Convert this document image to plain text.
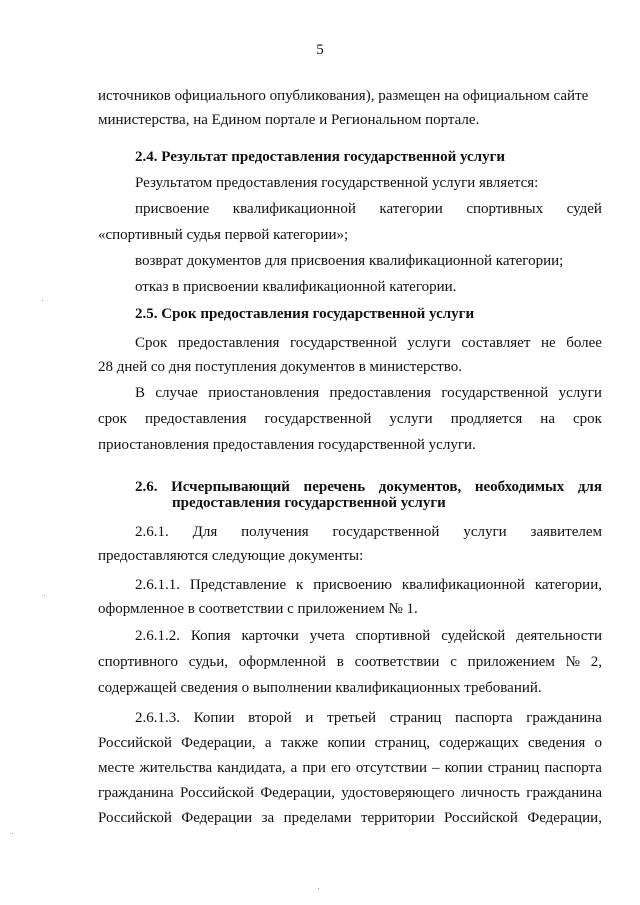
5
источников официального опубликования), размещен на официальном сайте
министерства, на Едином портале и Региональном портале.
2.4. Результат предоставления государственной услуги
Результатом предоставления государственной услуги является:
присвоение квалификационной категории спортивных судей
«спортивный судья первой категории»;
возврат документов для присвоения квалификационной категории;
отказ в присвоении квалификационной категории.
2.5. Срок предоставления государственной услуги
Срок предоставления государственной услуги составляет не более
28 дней со дня поступления документов в министерство.
В случае приостановления предоставления государственной услуги
срок предоставления государственной услуги продляется на срок
приостановления предоставления государственной услуги.
2.6. Исчерпывающий перечень документов, необходимых для
предоставления государственной услуги
2.6.1. Для получения государственной услуги заявителем
предоставляются следующие документы:
2.6.1.1. Представление к присвоению квалификационной категории,
оформленное в соответствии с приложением № 1.
2.6.1.2. Копия карточки учета спортивной судейской деятельности
спортивного судьи, оформленной в соответствии с приложением № 2,
содержащей сведения о выполнении квалификационных требований.
2.6.1.3. Копии второй и третьей страниц паспорта гражданина
Российской Федерации, а также копии страниц, содержащих сведения о
месте жительства кандидата, а при его отсутствии – копии страниц паспорта
гражданина Российской Федерации, удостоверяющего личность гражданина
Российской Федерации за пределами территории Российской Федерации,
